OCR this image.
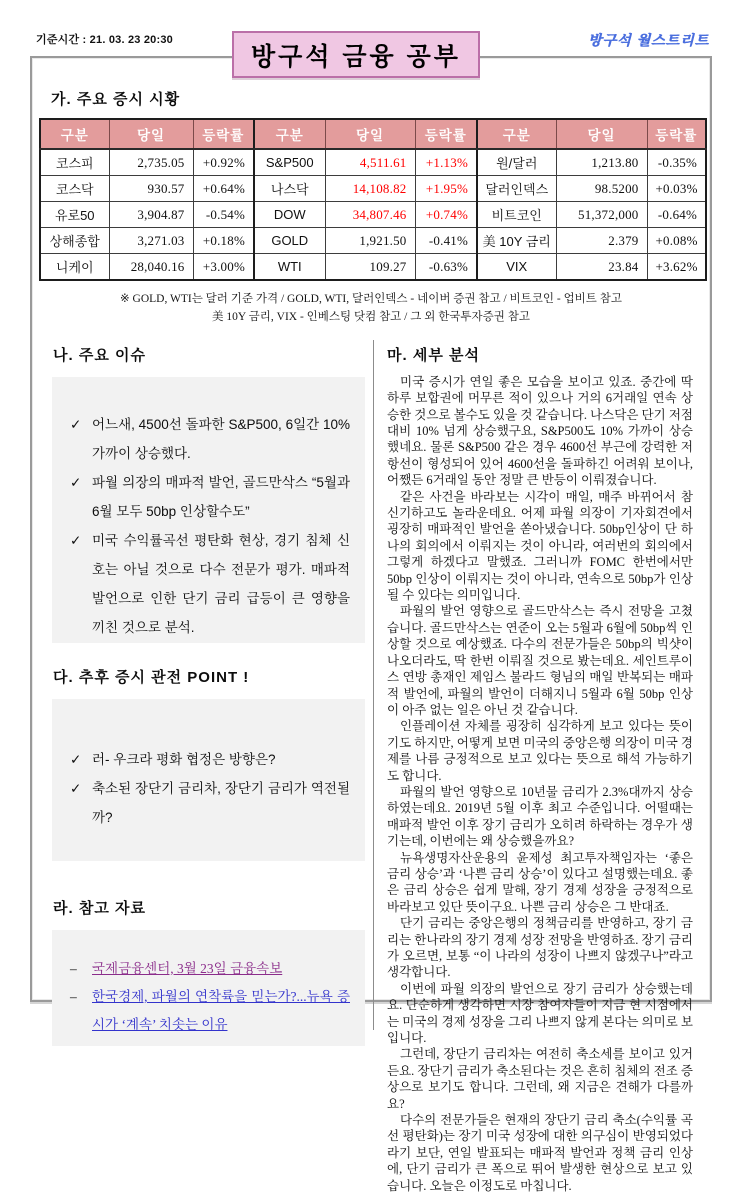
기준시간 : 21. 03. 23 20:30
방구석 금융 공부
방구석 월스트리트
가. 주요 증시 시황
구분	당일	등락률	구분	당일	등락률	구분	당일	등락률
코스피	2,735.05	+0.92%	S&P500	4,511.61	+1.13%	원/달러	1,213.80	-0.35%
코스닥	930.57	+0.64%	나스닥	14,108.82	+1.95%	달러인덱스	98.5200	+0.03%
유로50	3,904.87	-0.54%	DOW	34,807.46	+0.74%	비트코인	51,372,000	-0.64%
상해종합	3,271.03	+0.18%	GOLD	1,921.50	-0.41%	美 10Y 금리	2.379	+0.08%
니케이	28,040.16	+3.00%	WTI	109.27	-0.63%	VIX	23.84	+3.62%
※ GOLD, WTI는 달러 기준 가격 / GOLD, WTI, 달러인덱스 - 네이버 증권 참고 / 비트코인 - 업비트 참고
美 10Y 금리, VIX - 인베스팅 닷컴 참고 / 그 외 한국투자증권 참고
나. 주요 이슈
✓ 어느새, 4500선 돌파한 S&P500, 6일간 10% 가까이 상승했다.
✓ 파월 의장의 매파적 발언, 골드만삭스 “5월과 6월 모두 50bp 인상할수도”
✓ 미국 수익률곡선 평탄화 현상, 경기 침체 신호는 아닐 것으로 다수 전문가 평가. 매파적 발언으로 인한 단기 금리 급등이 큰 영향을 끼친 것으로 분석.
다. 추후 증시 관전 POINT !
✓ 러- 우크라 평화 협정은 방향은?
✓ 축소된 장단기 금리차, 장단기 금리가 역전될까?
라. 참고 자료
– 국제금융센터, 3월 23일 금융속보
– 한국경제, 파월의 연착륙을 믿는가?...뉴욕 증시가 ‘계속’ 치솟는 이유
마. 세부 분석

미국 증시가 연일 좋은 모습을 보이고 있죠. 중간에 딱 하루 보합권에 머무른 적이 있으나 거의 6거래일 연속 상승한 것으로 볼수도 있을 것 같습니다. 나스닥은 단기 저점 대비 10% 넘게 상승했구요, S&P500도 10% 가까이 상승했네요. 물론 S&P500 같은 경우 4600선 부근에 강력한 저항선이 형성되어 있어 4600선을 돌파하긴 어려워 보이나, 어쨌든 6거래일 동안 정말 큰 반등이 이뤄졌습니다.

같은 사건을 바라보는 시각이 매일, 매주 바뀌어서 참 신기하고도 놀라운데요. 어제 파월 의장이 기자회견에서 굉장히 매파적인 발언을 쏟아냈습니다. 50bp인상이 단 하나의 회의에서 이뤄지는 것이 아니라, 여러번의 회의에서 그렇게 하겠다고 말했죠. 그러니까 FOMC 한번에서만 50bp 인상이 이뤄지는 것이 아니라, 연속으로 50bp가 인상될 수 있다는 의미입니다.

파월의 발언 영향으로 골드만삭스는 즉시 전망을 고쳤습니다. 골드만삭스는 연준이 오는 5월과 6월에 50bp씩 인상할 것으로 예상했죠. 다수의 전문가들은 50bp의 빅샷이 나오더라도, 딱 한번 이뤄질 것으로 봤는데요. 세인트루이스 연방 총재인 제임스 불라드 형님의 매일 반복되는 매파적 발언에, 파월의 발언이 더해지니 5월과 6월 50bp 인상이 아주 없는 일은 아닌 것 같습니다.

인플레이션 자체를 굉장히 심각하게 보고 있다는 뜻이기도 하지만, 어떻게 보면 미국의 중앙은행 의장이 미국 경제를 나름 긍정적으로 보고 있다는 뜻으로 해석 가능하기도 합니다.

파월의 발언 영향으로 10년물 금리가 2.3%대까지 상승하였는데요. 2019년 5월 이후 최고 수준입니다. 어떨때는 매파적 발언 이후 장기 금리가 오히려 하락하는 경우가 생기는데, 이번에는 왜 상승했을까요?

뉴욕생명자산운용의 윤제성 최고투자책임자는 ‘좋은 금리 상승’과 ‘나쁜 금리 상승’이 있다고 설명했는데요. 좋은 금리 상승은 쉽게 말해, 장기 경제 성장을 긍정적으로 바라보고 있단 뜻이구요. 나쁜 금리 상승은 그 반대죠.

단기 금리는 중앙은행의 정책금리를 반영하고, 장기 금리는 한나라의 장기 경제 성장 전망을 반영하죠. 장기 금리가 오르면, 보통 “이 나라의 성장이 나쁘지 않겠구나”라고 생각합니다.

이번에 파월 의장의 발언으로 장기 금리가 상승했는데요. 단순하게 생각하면 시장 참여자들이 지금 현 시점에서는 미국의 경제 성장을 그리 나쁘지 않게 본다는 의미로 보입니다.

그런데, 장단기 금리차는 여전히 축소세를 보이고 있거든요. 장단기 금리가 축소된다는 것은 흔히 침체의 전조 증상으로 보기도 합니다. 그런데, 왜 지금은 견해가 다를까요?

다수의 전문가들은 현재의 장단기 금리 축소(수익률 곡선 평탄화)는 장기 미국 성장에 대한 의구심이 반영되었다라기 보단, 연일 발표되는 매파적 발언과 정책 금리 인상에, 단기 금리가 큰 폭으로 뛰어 발생한 현상으로 보고 있습니다. 오늘은 이정도로 마칩니다.
